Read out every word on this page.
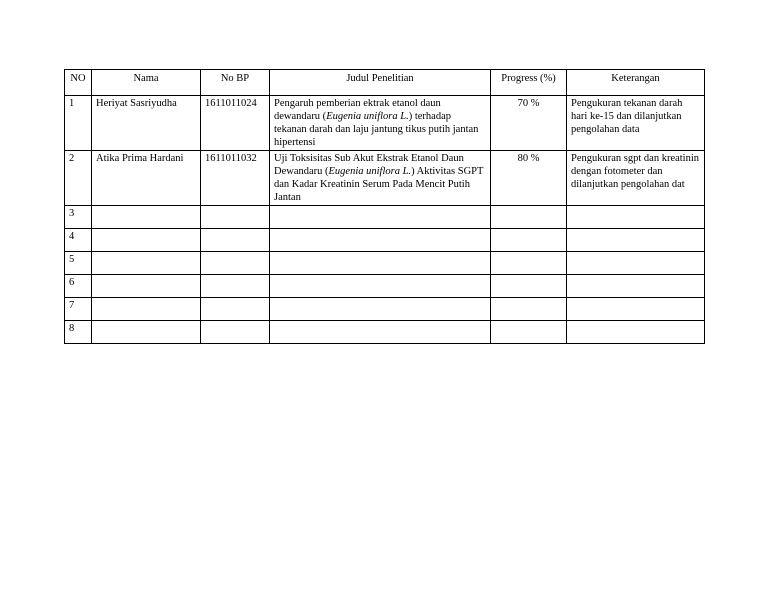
NO	Nama	No BP	Judul Penelitian	Progress (%)	Keterangan
1	Heriyat Sasriyudha	1611011024	Pengaruh pemberian ektrak etanol daun dewandaru (Eugenia uniflora L.) terhadap tekanan darah dan laju jantung tikus putih jantan hipertensi	70 %	Pengukuran tekanan darah hari ke-15 dan dilanjutkan pengolahan data
2	Atika Prima Hardani	1611011032	Uji Toksisitas Sub Akut Ekstrak Etanol Daun Dewandaru (Eugenia uniflora L.) Aktivitas SGPT dan Kadar Kreatinin Serum Pada Mencit Putih Jantan	80 %	Pengukuran sgpt dan kreatinin dengan fotometer dan dilanjutkan pengolahan dat
3					
4					
5					
6					
7					
8					
